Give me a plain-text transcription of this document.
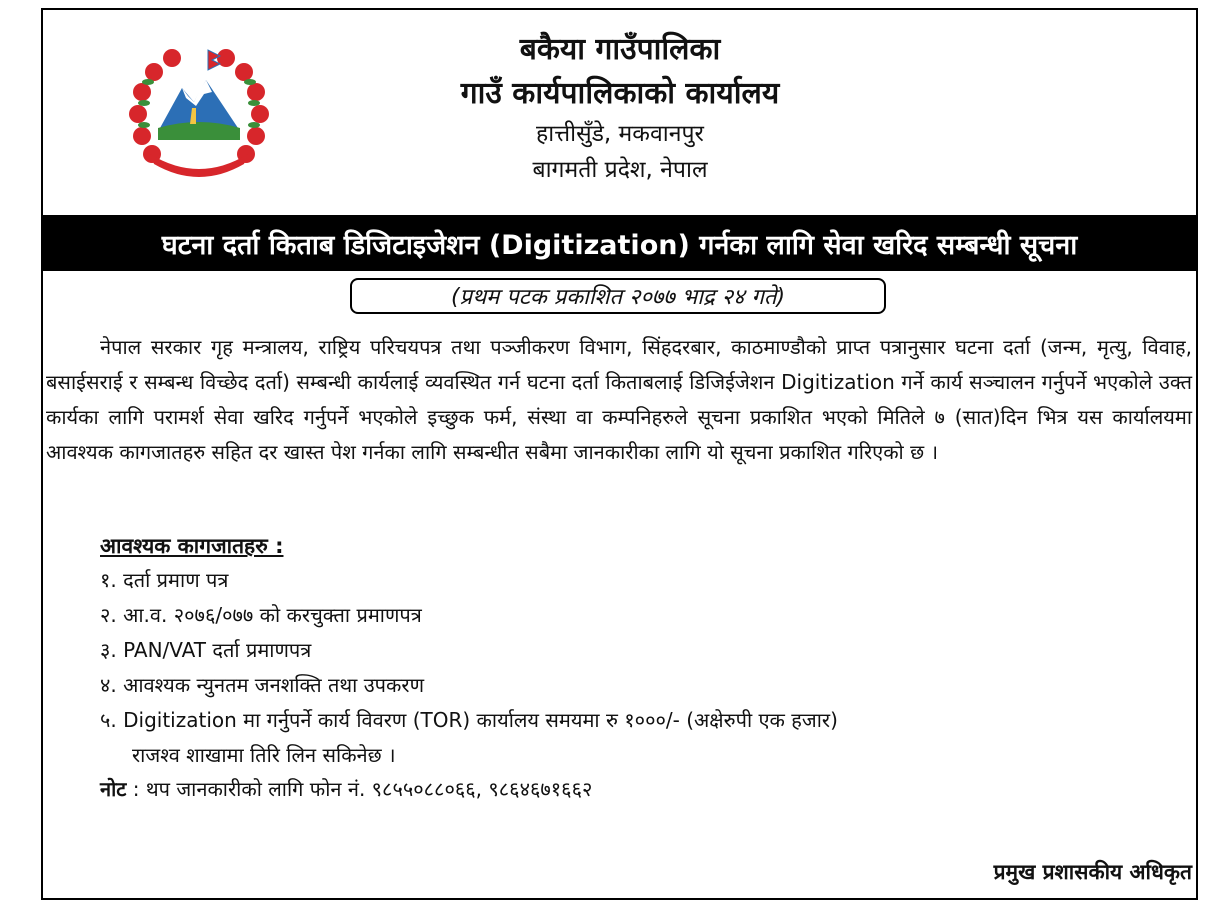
बकैया गाउँपालिका
गाउँ कार्यपालिकाको कार्यालय
हात्तीसुँडे, मकवानपुर
बागमती प्रदेश, नेपाल
घटना दर्ता किताब डिजिटाइजेशन (Digitization) गर्नका लागि सेवा खरिद सम्बन्धी सूचना
(प्रथम पटक प्रकाशित २०७७ भाद्र २४ गते)

नेपाल सरकार गृह मन्त्रालय, राष्ट्रिय परिचयपत्र तथा पञ्जीकरण विभाग, सिंहदरबार, काठमाण्डौको प्राप्त पत्रानुसार घटना दर्ता (जन्म, मृत्यु, विवाह, बसाईसराई र सम्बन्ध विच्छेद दर्ता) सम्बन्धी कार्यलाई व्यवस्थित गर्न घटना दर्ता किताबलाई डिजिईजेशन Digitization गर्ने कार्य सञ्चालन गर्नुपर्ने भएकोले उक्त कार्यका लागि परामर्श सेवा खरिद गर्नुपर्ने भएकोले इच्छुक फर्म, संस्था वा कम्पनिहरुले सूचना प्रकाशित भएको मितिले ७ (सात)दिन भित्र यस कार्यालयमा आवश्यक कागजातहरु सहित दर खास्त पेश गर्नका लागि सम्बन्धीत सबैमा जानकारीका लागि यो सूचना प्रकाशित गरिएको छ ।

आवश्यक कागजातहरु :
१. दर्ता प्रमाण पत्र
२. आ.व. २०७६/०७७ को करचुक्ता प्रमाणपत्र
३. PAN/VAT दर्ता प्रमाणपत्र
४. आवश्यक न्युनतम जनशक्ति तथा उपकरण
५. Digitization मा गर्नुपर्ने कार्य विवरण (TOR) कार्यालय समयमा रु १०००/- (अक्षेरुपी एक हजार)
राजश्व शाखामा तिरि लिन सकिनेछ ।
नोट : थप जानकारीको लागि फोन नं. ९८५५०८८०६६, ९८६४६७१६६२
प्रमुख प्रशासकीय अधिकृत
